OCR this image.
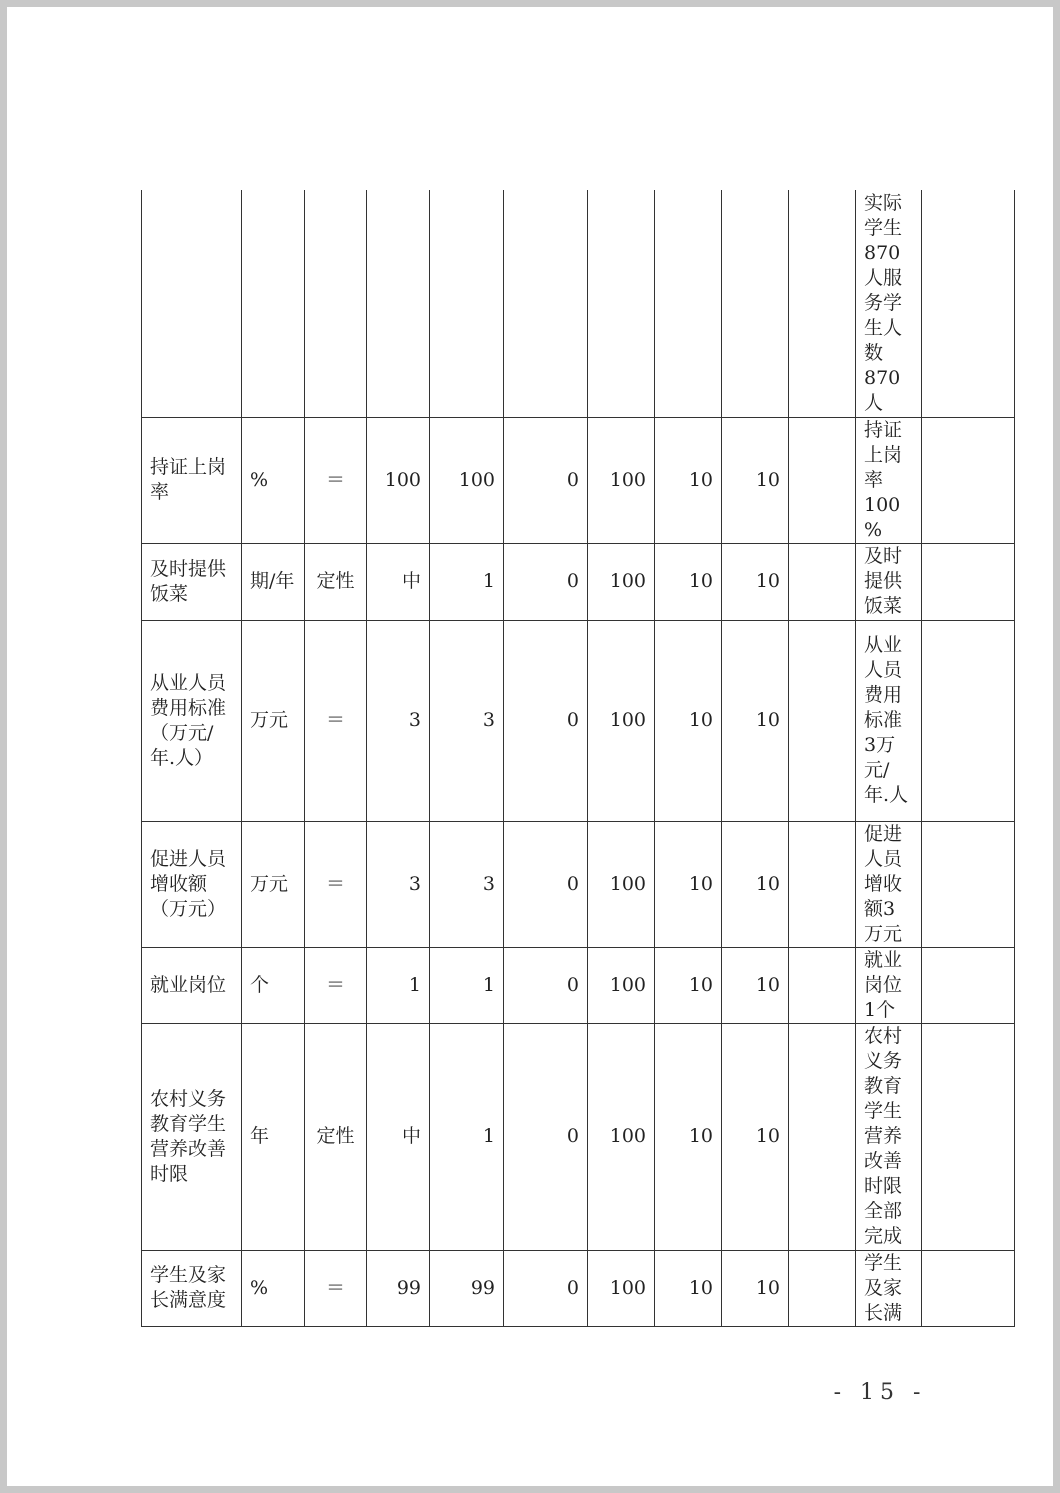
										实际学生870人服务学生人数870人	
持证上岗率	%	＝	100	100	0	100	10	10		持证上岗率100%	
及时提供饭菜	期/年	定性	中	1	0	100	10	10		及时提供饭菜	
从业人员费用标准（万元/年.人）	万元	＝	3	3	0	100	10	10		从业人员费用标准3万元/年.人	
促进人员增收额（万元）	万元	＝	3	3	0	100	10	10		促进人员增收额3万元	
就业岗位	个	＝	1	1	0	100	10	10		就业岗位1个	
农村义务教育学生营养改善时限	年	定性	中	1	0	100	10	10		农村义务教育学生营养改善时限全部完成	
学生及家长满意度	%	＝	99	99	0	100	10	10		学生及家长满	
- 15 -
